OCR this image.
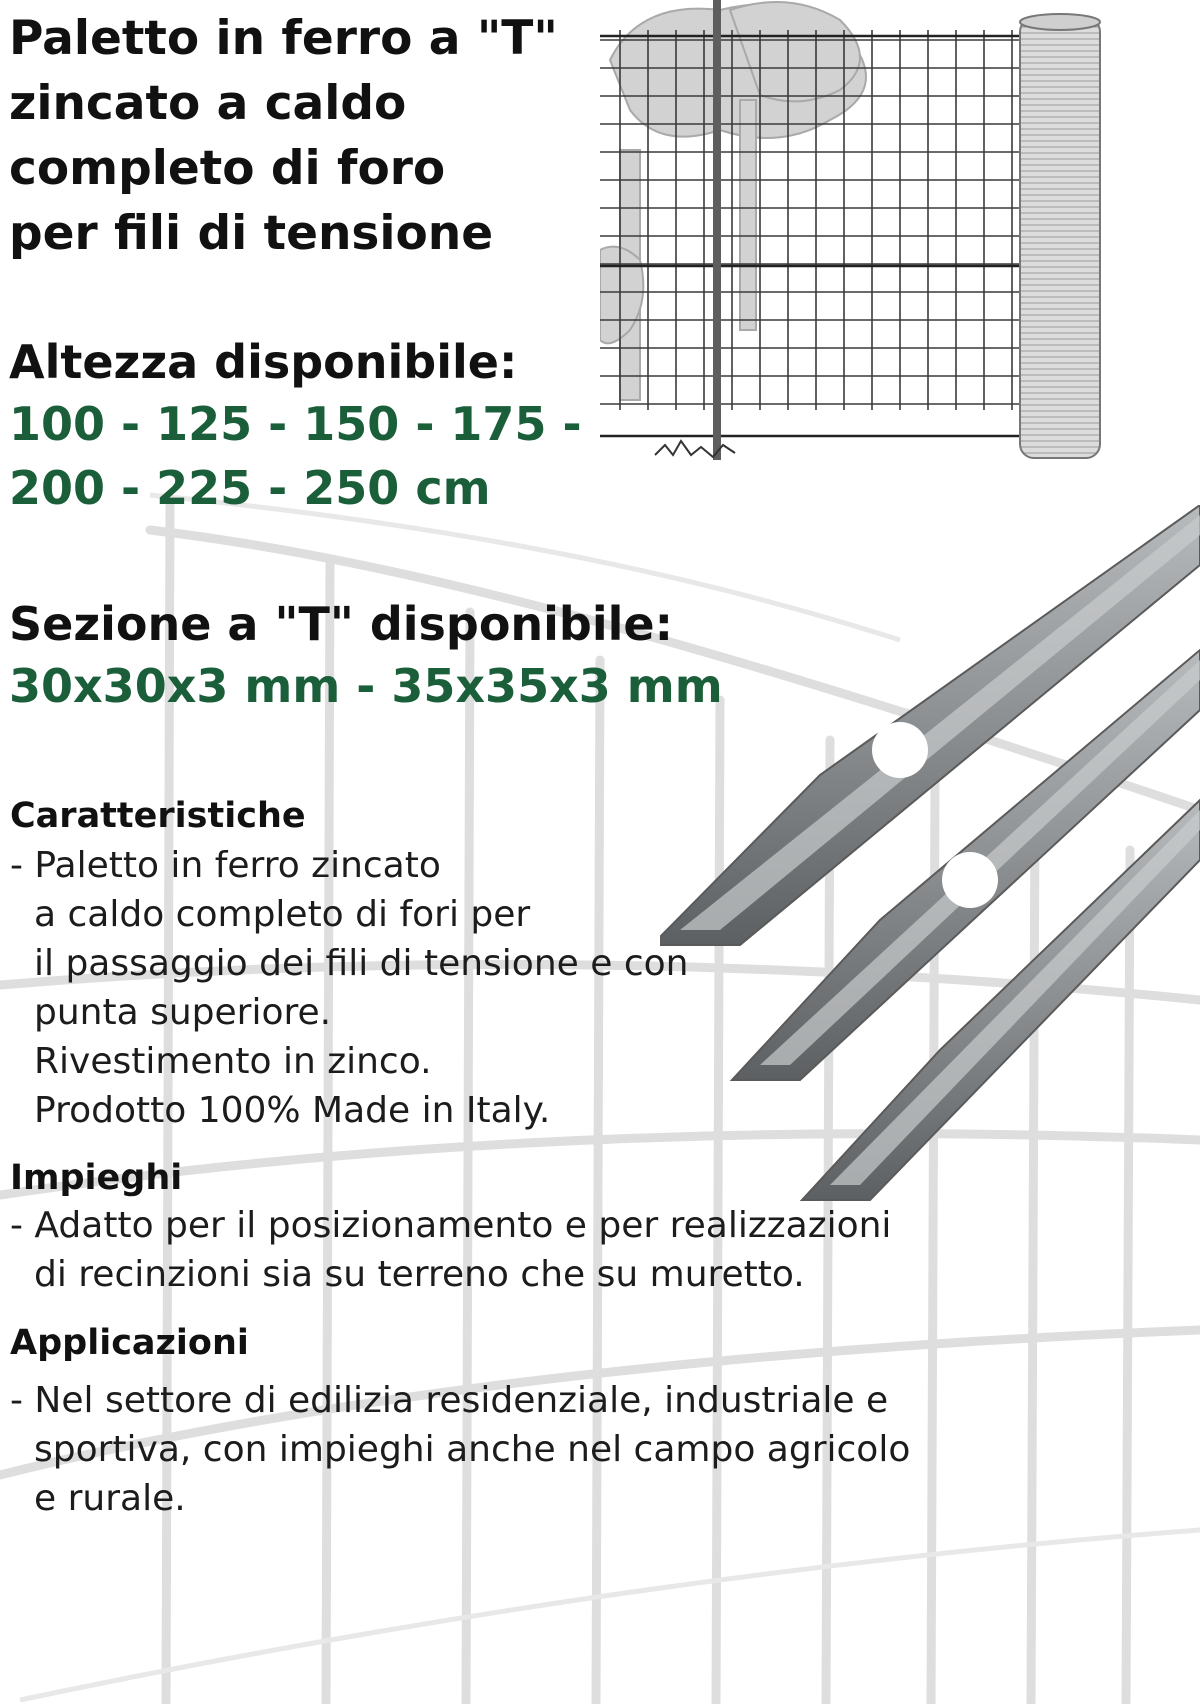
Paletto in ferro a "T"
zincato a caldo
completo di foro
per fili di tensione
Altezza disponibile:
100 - 125 - 150 - 175 -
200 - 225 - 250 cm
Sezione a "T" disponibile:
30x30x3 mm - 35x35x3 mm
Caratteristiche
- Paletto in ferro zincato
a caldo completo di fori per
il passaggio dei fili di tensione e con
punta superiore.
Rivestimento in zinco.
Prodotto 100% Made in Italy.
Impieghi
- Adatto per il posizionamento e per realizzazioni
di recinzioni sia su terreno che su muretto.
Applicazioni
- Nel settore di edilizia residenziale, industriale e
sportiva, con impieghi anche nel campo agricolo
e rurale.
